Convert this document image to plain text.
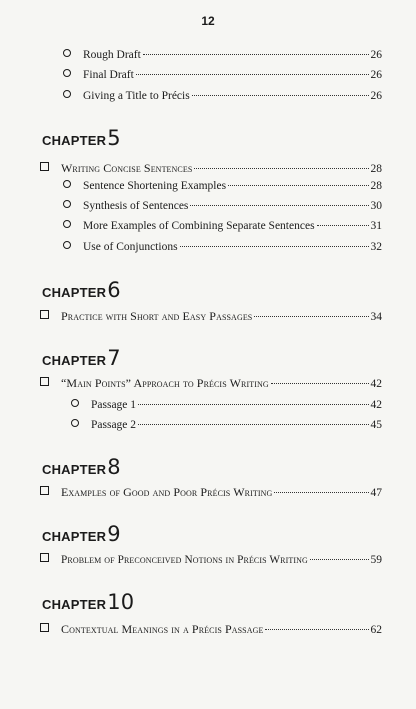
12
Rough Draft	26
Final Draft	26
Giving a Title to Précis	26
CHAPTER5
Writing Concise Sentences	28
Sentence Shortening Examples	28
Synthesis of Sentences	30
More Examples of Combining Separate Sentences	31
Use of Conjunctions	32
CHAPTER6
Practice with Short and Easy Passages	34
CHAPTER7
“Main Points” Approach to Précis Writing	42
Passage 1	42
Passage 2	45
CHAPTER8
Examples of Good and Poor Précis Writing	47
CHAPTER9
Problem of Preconceived Notions in Précis Writing	59
CHAPTER10
Contextual Meanings in a Précis Passage	62
